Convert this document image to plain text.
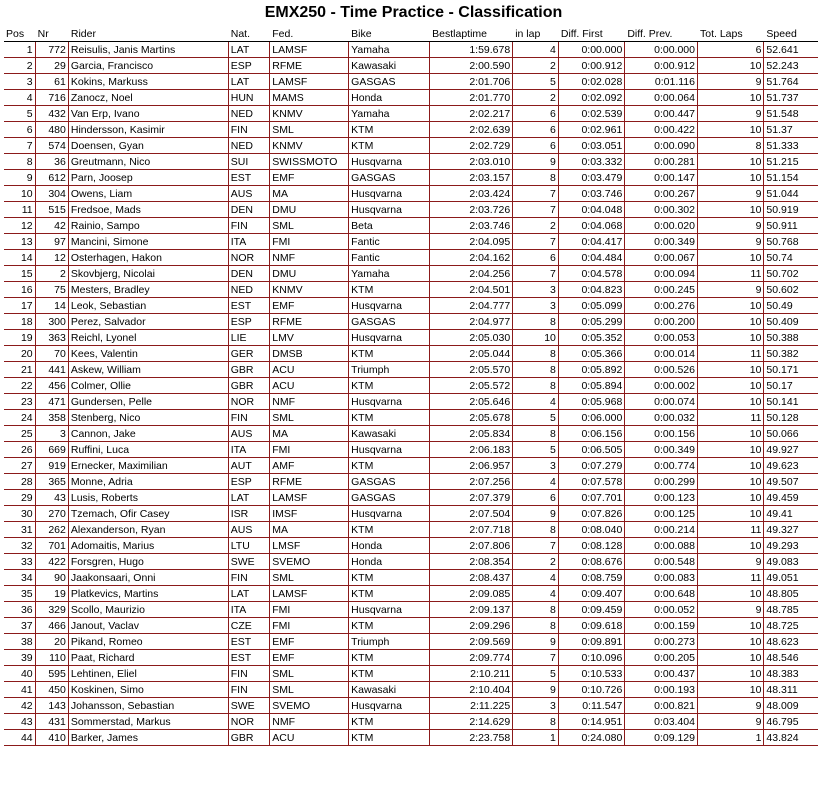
EMX250 - Time Practice - Classification
Pos	Nr	Rider	Nat.	Fed.	Bike	Bestlaptime	in lap	Diff. First	Diff. Prev.	Tot. Laps	Speed
1	772	Reisulis, Janis Martins	LAT	LAMSF	Yamaha	1:59.678	4	0:00.000	0:00.000	6	52.641
2	29	Garcia, Francisco	ESP	RFME	Kawasaki	2:00.590	2	0:00.912	0:00.912	10	52.243
3	61	Kokins, Markuss	LAT	LAMSF	GASGAS	2:01.706	5	0:02.028	0:01.116	9	51.764
4	716	Zanocz, Noel	HUN	MAMS	Honda	2:01.770	2	0:02.092	0:00.064	10	51.737
5	432	Van Erp, Ivano	NED	KNMV	Yamaha	2:02.217	6	0:02.539	0:00.447	9	51.548
6	480	Hindersson, Kasimir	FIN	SML	KTM	2:02.639	6	0:02.961	0:00.422	10	51.37
7	574	Doensen, Gyan	NED	KNMV	KTM	2:02.729	6	0:03.051	0:00.090	8	51.333
8	36	Greutmann, Nico	SUI	SWISSMOTO	Husqvarna	2:03.010	9	0:03.332	0:00.281	10	51.215
9	612	Parn, Joosep	EST	EMF	GASGAS	2:03.157	8	0:03.479	0:00.147	10	51.154
10	304	Owens, Liam	AUS	MA	Husqvarna	2:03.424	7	0:03.746	0:00.267	9	51.044
11	515	Fredsoe, Mads	DEN	DMU	Husqvarna	2:03.726	7	0:04.048	0:00.302	10	50.919
12	42	Rainio, Sampo	FIN	SML	Beta	2:03.746	2	0:04.068	0:00.020	9	50.911
13	97	Mancini, Simone	ITA	FMI	Fantic	2:04.095	7	0:04.417	0:00.349	9	50.768
14	12	Osterhagen, Hakon	NOR	NMF	Fantic	2:04.162	6	0:04.484	0:00.067	10	50.74
15	2	Skovbjerg, Nicolai	DEN	DMU	Yamaha	2:04.256	7	0:04.578	0:00.094	11	50.702
16	75	Mesters, Bradley	NED	KNMV	KTM	2:04.501	3	0:04.823	0:00.245	9	50.602
17	14	Leok, Sebastian	EST	EMF	Husqvarna	2:04.777	3	0:05.099	0:00.276	10	50.49
18	300	Perez, Salvador	ESP	RFME	GASGAS	2:04.977	8	0:05.299	0:00.200	10	50.409
19	363	Reichl, Lyonel	LIE	LMV	Husqvarna	2:05.030	10	0:05.352	0:00.053	10	50.388
20	70	Kees, Valentin	GER	DMSB	KTM	2:05.044	8	0:05.366	0:00.014	11	50.382
21	441	Askew, William	GBR	ACU	Triumph	2:05.570	8	0:05.892	0:00.526	10	50.171
22	456	Colmer, Ollie	GBR	ACU	KTM	2:05.572	8	0:05.894	0:00.002	10	50.17
23	471	Gundersen, Pelle	NOR	NMF	Husqvarna	2:05.646	4	0:05.968	0:00.074	10	50.141
24	358	Stenberg, Nico	FIN	SML	KTM	2:05.678	5	0:06.000	0:00.032	11	50.128
25	3	Cannon, Jake	AUS	MA	Kawasaki	2:05.834	8	0:06.156	0:00.156	10	50.066
26	669	Ruffini, Luca	ITA	FMI	Husqvarna	2:06.183	5	0:06.505	0:00.349	10	49.927
27	919	Ernecker, Maximilian	AUT	AMF	KTM	2:06.957	3	0:07.279	0:00.774	10	49.623
28	365	Monne, Adria	ESP	RFME	GASGAS	2:07.256	4	0:07.578	0:00.299	10	49.507
29	43	Lusis, Roberts	LAT	LAMSF	GASGAS	2:07.379	6	0:07.701	0:00.123	10	49.459
30	270	Tzemach, Ofir Casey	ISR	IMSF	Husqvarna	2:07.504	9	0:07.826	0:00.125	10	49.41
31	262	Alexanderson, Ryan	AUS	MA	KTM	2:07.718	8	0:08.040	0:00.214	11	49.327
32	701	Adomaitis, Marius	LTU	LMSF	Honda	2:07.806	7	0:08.128	0:00.088	10	49.293
33	422	Forsgren, Hugo	SWE	SVEMO	Honda	2:08.354	2	0:08.676	0:00.548	9	49.083
34	90	Jaakonsaari, Onni	FIN	SML	KTM	2:08.437	4	0:08.759	0:00.083	11	49.051
35	19	Platkevics, Martins	LAT	LAMSF	KTM	2:09.085	4	0:09.407	0:00.648	10	48.805
36	329	Scollo, Maurizio	ITA	FMI	Husqvarna	2:09.137	8	0:09.459	0:00.052	9	48.785
37	466	Janout, Vaclav	CZE	FMI	KTM	2:09.296	8	0:09.618	0:00.159	10	48.725
38	20	Pikand, Romeo	EST	EMF	Triumph	2:09.569	9	0:09.891	0:00.273	10	48.623
39	110	Paat, Richard	EST	EMF	KTM	2:09.774	7	0:10.096	0:00.205	10	48.546
40	595	Lehtinen, Eliel	FIN	SML	KTM	2:10.211	5	0:10.533	0:00.437	10	48.383
41	450	Koskinen, Simo	FIN	SML	Kawasaki	2:10.404	9	0:10.726	0:00.193	10	48.311
42	143	Johansson, Sebastian	SWE	SVEMO	Husqvarna	2:11.225	3	0:11.547	0:00.821	9	48.009
43	431	Sommerstad, Markus	NOR	NMF	KTM	2:14.629	8	0:14.951	0:03.404	9	46.795
44	410	Barker, James	GBR	ACU	KTM	2:23.758	1	0:24.080	0:09.129	1	43.824
